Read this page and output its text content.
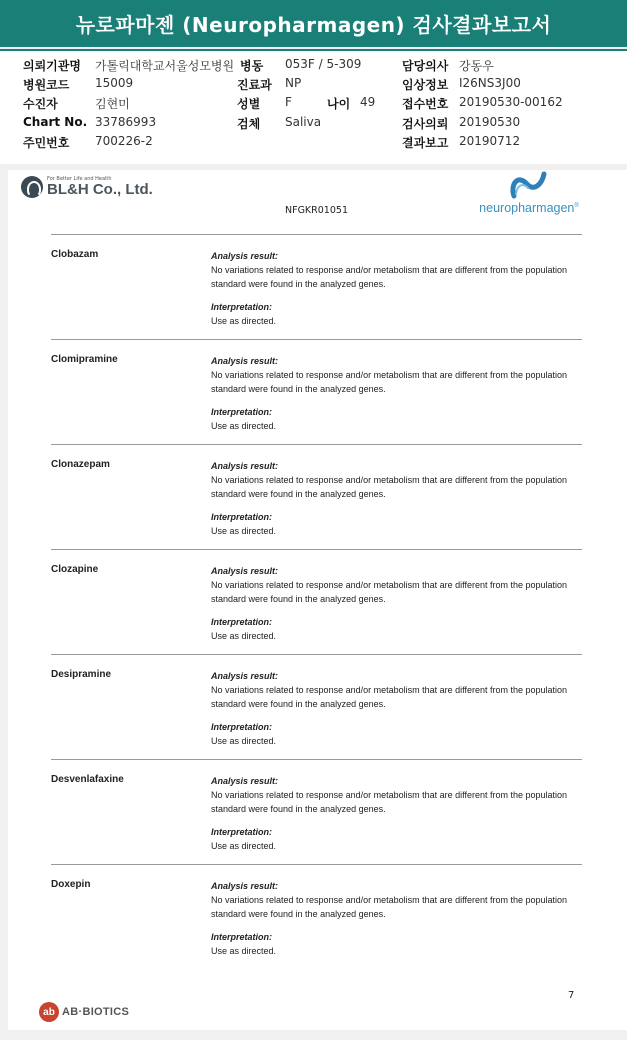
뉴로파마젠 (Neuropharmagen) 검사결과보고서
의뢰기관명 가톨릭대학교서울성모병원 병동 053F / 5-309	담당의사 강동우
병원코드 15009	진료과 NP	임상정보 I26NS3J00
수진자	김현미	성별 F	나이 49 접수번호 20190530-00162
Chart No. 33786993	검체 Saliva	검사의뢰 20190530
주민번호 700226-2	결과보고 20190712
For Better Life and Health
BL&H Co., Ltd.
neuropharmagen®
NFGKR01051
Clobazam	Analysis result:
No variations related to response and/or metabolism that are different from the population standard were found in the analyzed genes.
Interpretation:
Use as directed.
Clomipramine	Analysis result:
No variations related to response and/or metabolism that are different from the population standard were found in the analyzed genes.
Interpretation:
Use as directed.
Clonazepam	Analysis result:
No variations related to response and/or metabolism that are different from the population standard were found in the analyzed genes.
Interpretation:
Use as directed.
Clozapine	Analysis result:
No variations related to response and/or metabolism that are different from the population standard were found in the analyzed genes.
Interpretation:
Use as directed.
Desipramine	Analysis result:
No variations related to response and/or metabolism that are different from the population standard were found in the analyzed genes.
Interpretation:
Use as directed.
Desvenlafaxine	Analysis result:
No variations related to response and/or metabolism that are different from the population standard were found in the analyzed genes.
Interpretation:
Use as directed.
Doxepin	Analysis result:
No variations related to response and/or metabolism that are different from the population standard were found in the analyzed genes.
Interpretation:
Use as directed.
7
ab AB·BIOTICS
